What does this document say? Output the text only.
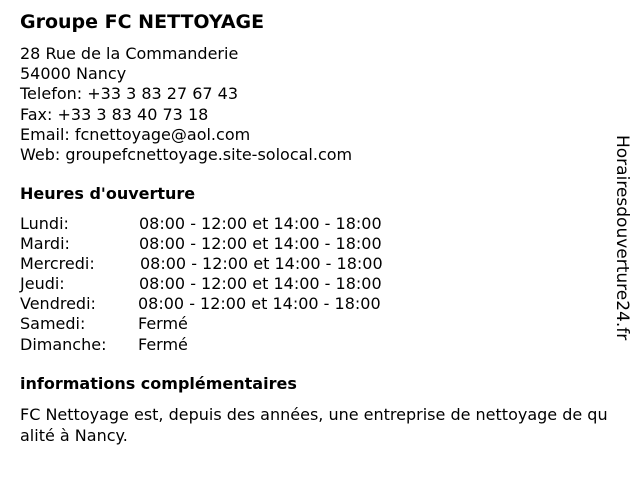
Groupe FC NETTOYAGE
28 Rue de la Commanderie
54000 Nancy
Telefon: +33 3 83 27 67 43
Fax: +33 3 83 40 73 18
Email: fcnettoyage@aol.com
Web: groupefcnettoyage.site-solocal.com
Heures d'ouverture
Lundi:	08:00 - 12:00 et 14:00 - 18:00
Mardi:	08:00 - 12:00 et 14:00 - 18:00
Mercredi:	08:00 - 12:00 et 14:00 - 18:00
Jeudi:	08:00 - 12:00 et 14:00 - 18:00
Vendredi:	08:00 - 12:00 et 14:00 - 18:00
Samedi:	Fermé
Dimanche: Fermé
informations complémentaires

FC Nettoyage est, depuis des années, une entreprise de nettoyage de qualité à Nancy.

Horairesdouverture24.fr
